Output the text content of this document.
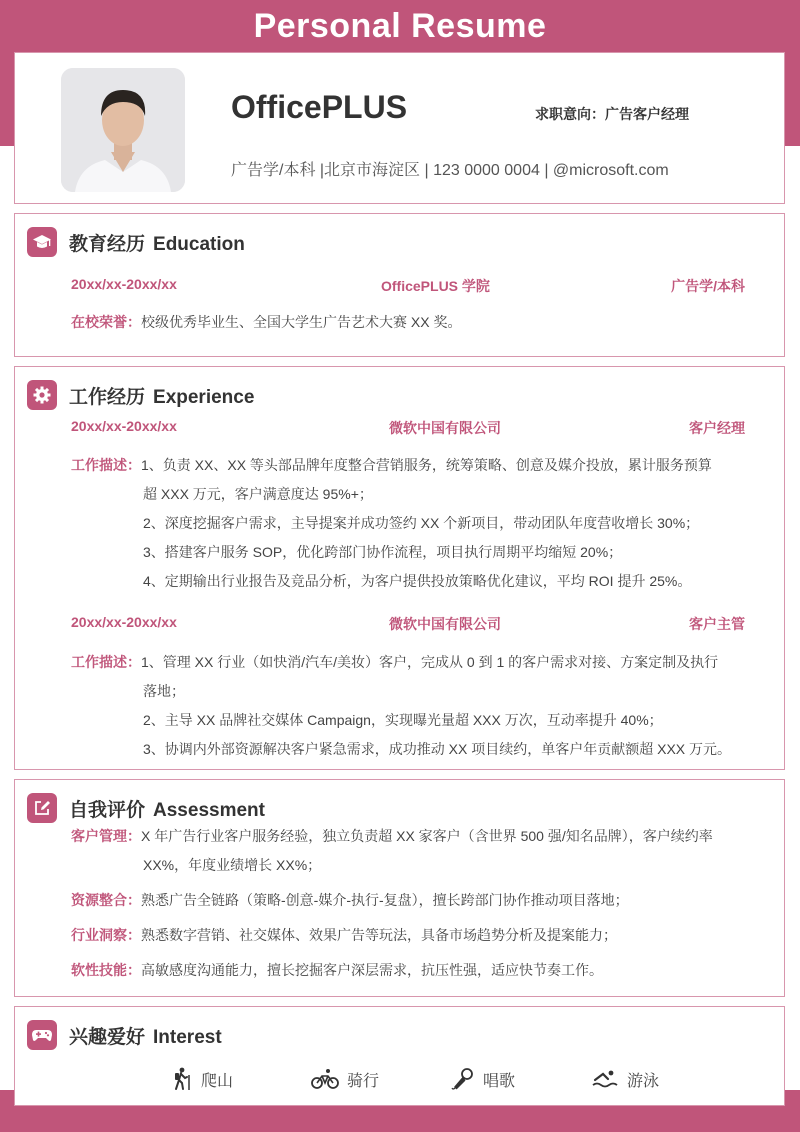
Personal Resume
OfficePLUS	求职意向：广告客户经理
广告学/本科 |北京市海淀区 | 123 0000 0004 | @microsoft.com
教育经历 Education
20xx/xx-20xx/xx	OfficePLUS 学院	广告学/本科
在校荣誉：校级优秀毕业生、全国大学生广告艺术大赛 XX 奖。
工作经历 Experience
20xx/xx-20xx/xx	微软中国有限公司	客户经理
工作描述：1、负责 XX、XX 等头部品牌年度整合营销服务，统筹策略、创意及媒介投放，累计服务预算
超 XXX 万元，客户满意度达 95%+；
2、深度挖掘客户需求，主导提案并成功签约 XX 个新项目，带动团队年度营收增长 30%；
3、搭建客户服务 SOP，优化跨部门协作流程，项目执行周期平均缩短 20%；
4、定期输出行业报告及竞品分析，为客户提供投放策略优化建议，平均 ROI 提升 25%。
20xx/xx-20xx/xx	微软中国有限公司	客户主管
工作描述：1、管理 XX 行业（如快消/汽车/美妆）客户，完成从 0 到 1 的客户需求对接、方案定制及执行
落地；
2、主导 XX 品牌社交媒体 Campaign，实现曝光量超 XXX 万次，互动率提升 40%；
3、协调内外部资源解决客户紧急需求，成功推动 XX 项目续约，单客户年贡献额超 XXX 万元。
自我评价 Assessment
客户管理：X 年广告行业客户服务经验，独立负责超 XX 家客户（含世界 500 强/知名品牌），客户续约率
XX%，年度业绩增长 XX%；
资源整合：熟悉广告全链路（策略-创意-媒介-执行-复盘），擅长跨部门协作推动项目落地；
行业洞察：熟悉数字营销、社交媒体、效果广告等玩法，具备市场趋势分析及提案能力；
软性技能：高敏感度沟通能力，擅长挖掘客户深层需求，抗压性强，适应快节奏工作。
兴趣爱好 Interest
爬山	骑行	唱歌	游泳
